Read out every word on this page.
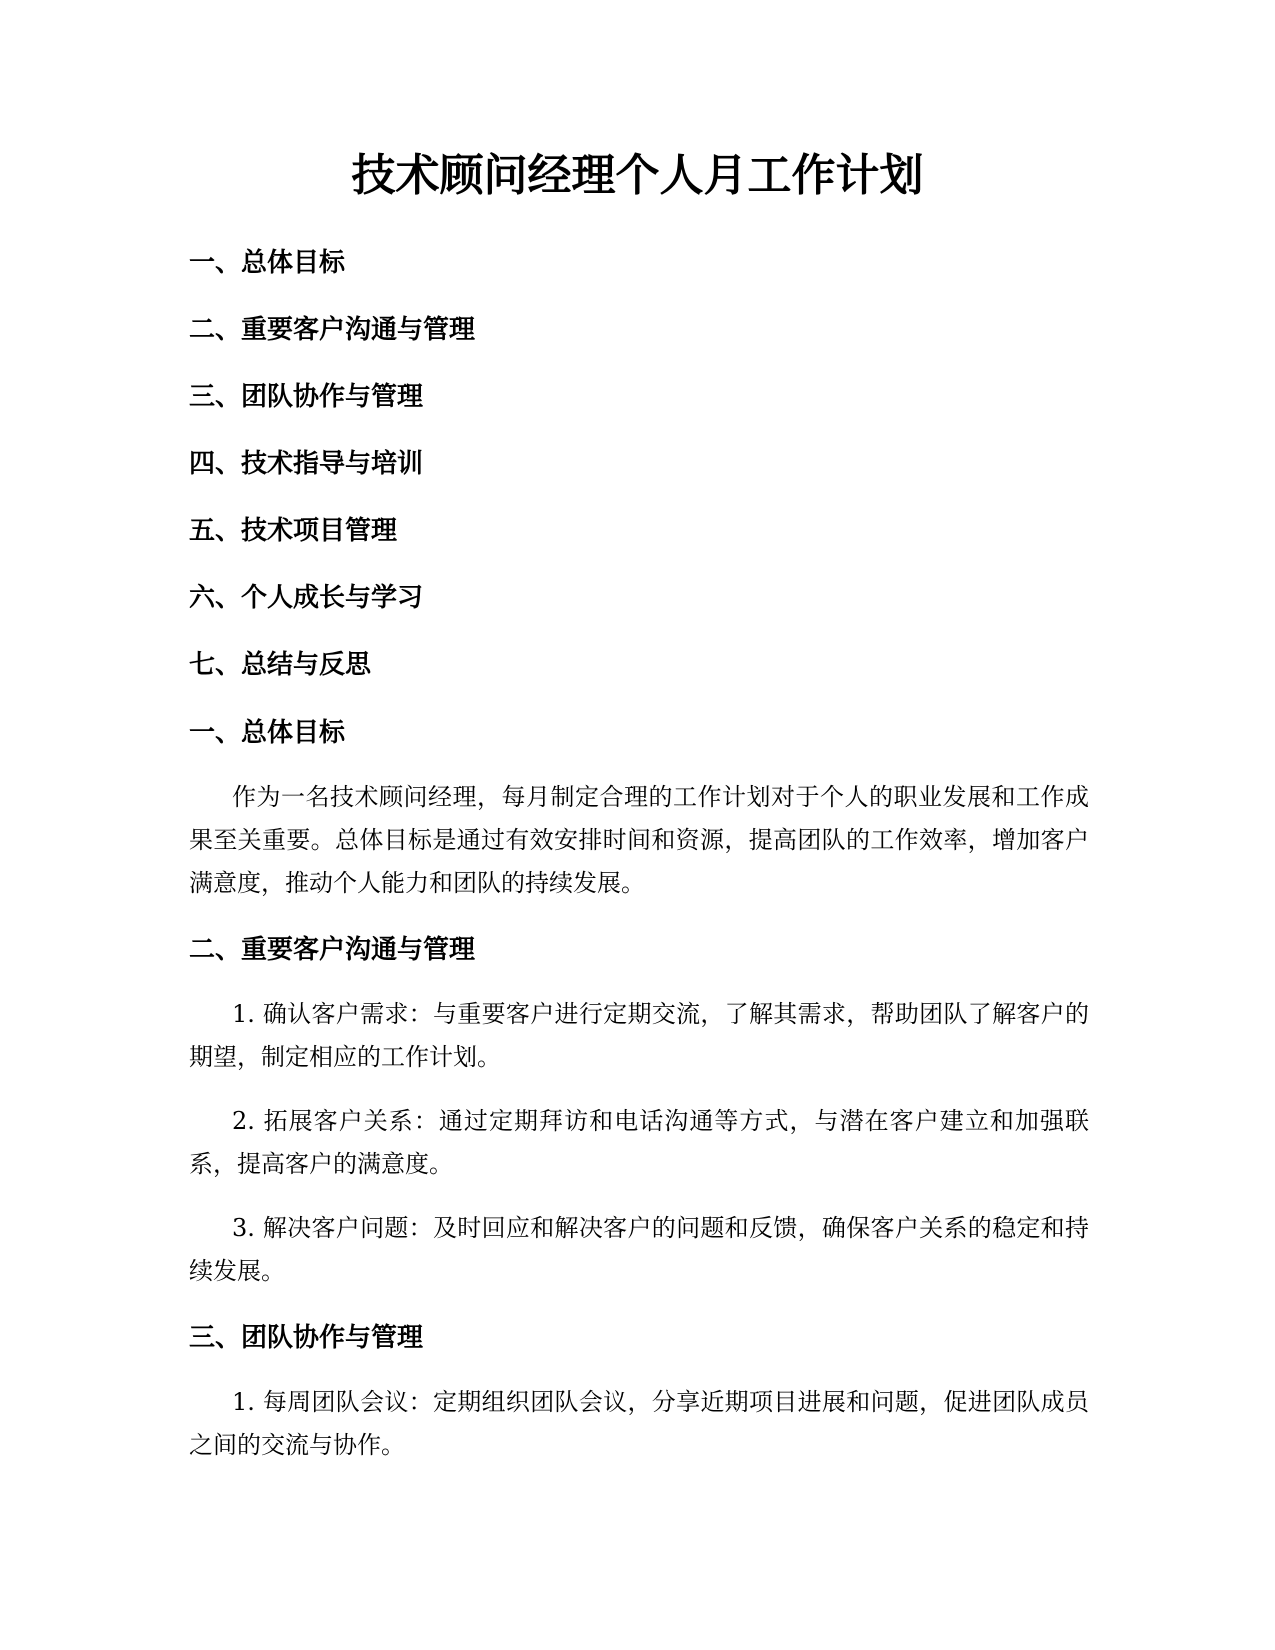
技术顾问经理个人月工作计划
一、总体目标
二、重要客户沟通与管理
三、团队协作与管理
四、技术指导与培训
五、技术项目管理
六、个人成长与学习
七、总结与反思
一、总体目标

作为一名技术顾问经理，每月制定合理的工作计划对于个人的职业发展和工作成果至关重要。总体目标是通过有效安排时间和资源，提高团队的工作效率，增加客户满意度，推动个人能力和团队的持续发展。

二、重要客户沟通与管理

1. 确认客户需求：与重要客户进行定期交流，了解其需求，帮助团队了解客户的期望，制定相应的工作计划。

2. 拓展客户关系：通过定期拜访和电话沟通等方式，与潜在客户建立和加强联系，提高客户的满意度。

3. 解决客户问题：及时回应和解决客户的问题和反馈，确保客户关系的稳定和持续发展。

三、团队协作与管理

1. 每周团队会议：定期组织团队会议，分享近期项目进展和问题，促进团队成员之间的交流与协作。
